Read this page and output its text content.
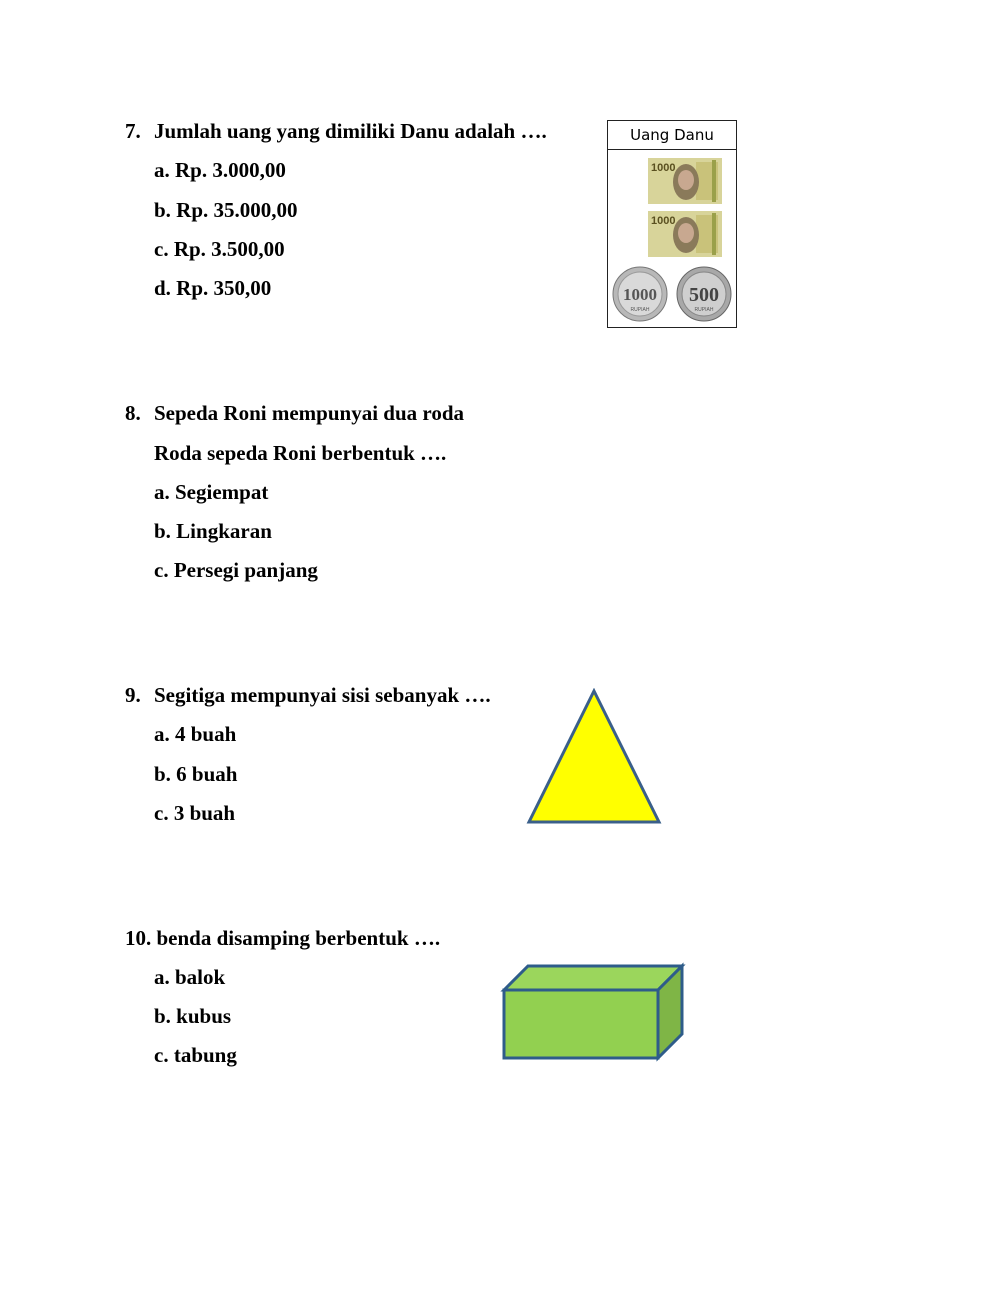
7. Jumlah uang yang dimiliki Danu adalah ….
a. Rp. 3.000,00
b. Rp. 35.000,00
c. Rp. 3.500,00
d. Rp. 350,00
Uang Danu
1000
1000
1000
RUPIAH
500
RUPIAH
8. Sepeda Roni mempunyai dua roda
Roda sepeda Roni berbentuk ….
a. Segiempat
b. Lingkaran
c. Persegi panjang
9. Segitiga mempunyai sisi sebanyak ….
a. 4 buah
b. 6 buah
c. 3 buah
10. benda disamping berbentuk ….
a. balok
b. kubus
c. tabung
